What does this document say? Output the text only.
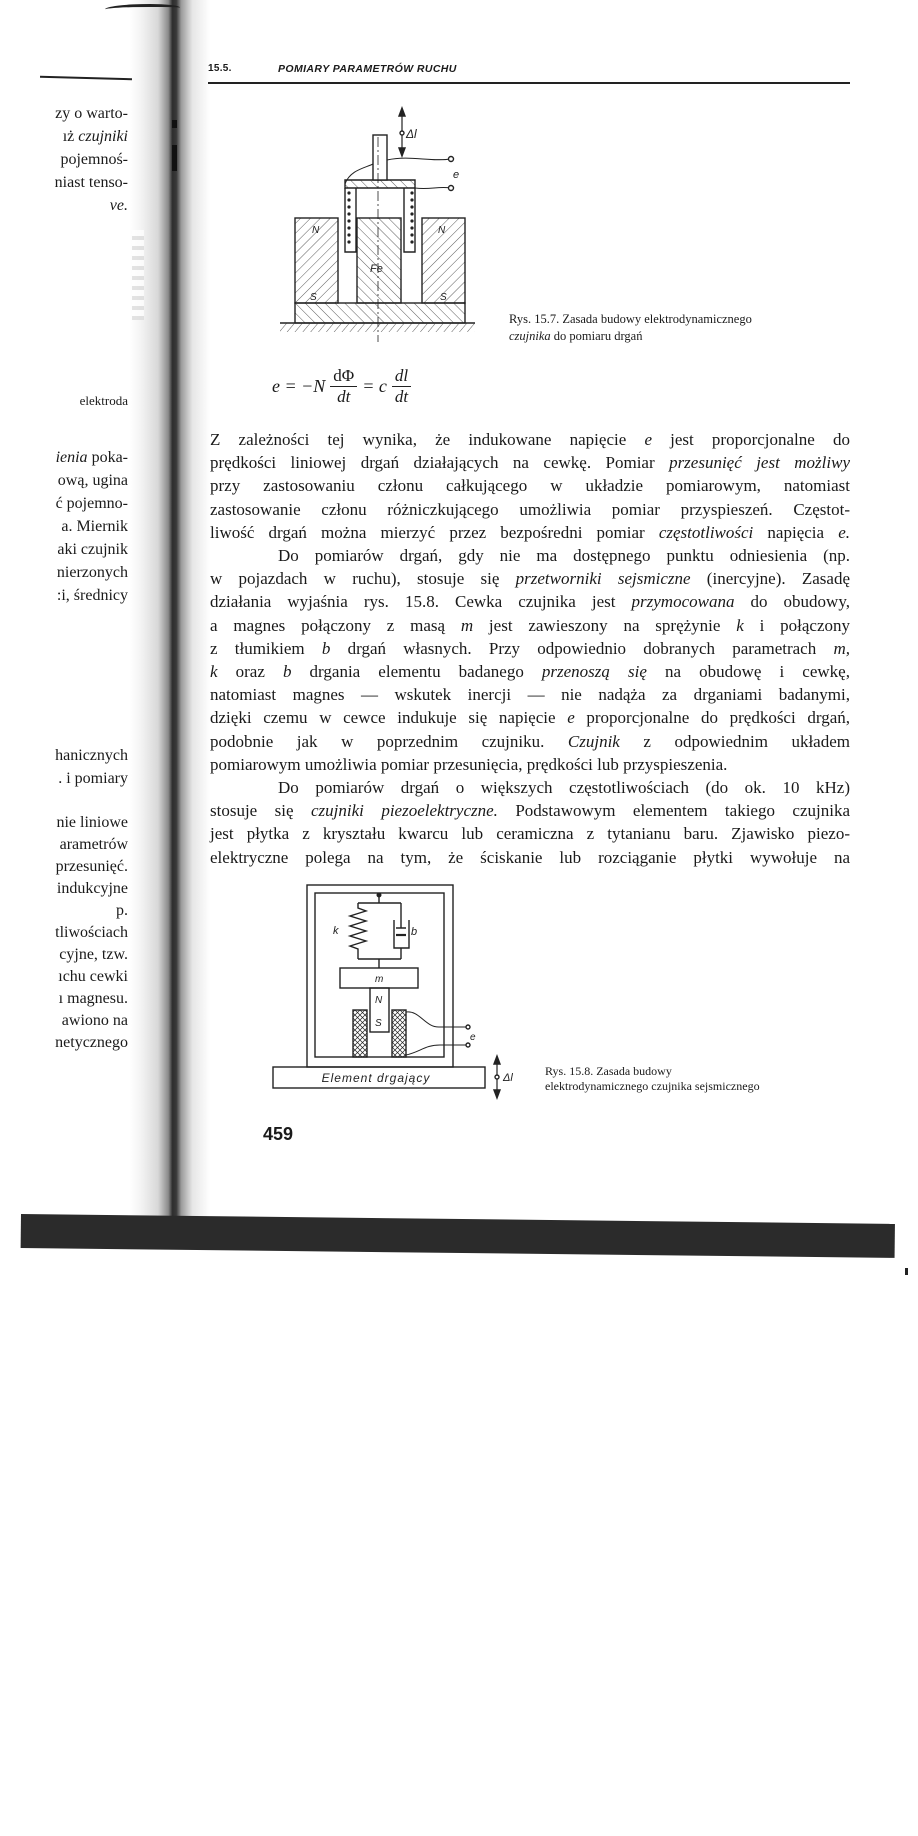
zy o warto-
ıż czujniki
pojemnoś-
niast tenso-
ve.
elektroda
ienia poka-
ową, ugina
ć pojemno-
a. Miernik
aki czujnik
nierzonych
:i, średnicy
hanicznych
. i pomiary
nie liniowe
arametrów
przesunięć.
indukcyjne
p.
tliwościach
cyjne, tzw.
ıchu cewki
ı magnesu.
awiono na
netycznego
15.5.	POMIARY PARAMETRÓW RUCHU
Δl
e
N	N
S	S
Fe
Rys. 15.7. Zasada budowy elektrodynamicznego
czujnika do pomiaru drgań
$e = -N \frac{d\Phi}{dt} = c \frac{dl}{dt}$
Z zależności tej wynika, że indukowane napięcie e jest proporcjonalne do
prędkości liniowej drgań działających na cewkę. Pomiar przesunięć jest możliwy
przy zastosowaniu członu całkującego w układzie pomiarowym, natomiast
zastosowanie członu różniczkującego umożliwia pomiar przyspieszeń. Częstot-
liwość drgań można mierzyć przez bezpośredni pomiar częstotliwości napięcia e.
Do pomiarów drgań, gdy nie ma dostępnego punktu odniesienia (np.
w pojazdach w ruchu), stosuje się przetworniki sejsmiczne (inercyjne). Zasadę
działania wyjaśnia rys. 15.8. Cewka czujnika jest przymocowana do obudowy,
a magnes połączony z masą m jest zawieszony na sprężynie k i połączony
z tłumikiem b drgań własnych. Przy odpowiednio dobranych parametrach m,
k oraz b drgania elementu badanego przenoszą się na obudowę i cewkę,
natomiast magnes — wskutek inercji — nie nadąża za drganiami badanymi,
dzięki czemu w cewce indukuje się napięcie e proporcjonalne do prędkości drgań,
podobnie jak w poprzednim czujniku. Czujnik z odpowiednim układem
pomiarowym umożliwia pomiar przesunięcia, prędkości lub przyspieszenia.
Do pomiarów drgań o większych częstotliwościach (do ok. 10 kHz)
stosuje się czujniki piezoelektryczne. Podstawowym elementem takiego czujnika
jest płytka z kryształu kwarcu lub ceramiczna z tytanianu baru. Zjawisko piezo-
elektryczne polega na tym, że ściskanie lub rozciąganie płytki wywołuje na
k	b
m
N
S
e
Element drgający	Δl	Rys. 15.8. Zasada budowy
elektrodynamicznego czujnika sejsmicznego
459
